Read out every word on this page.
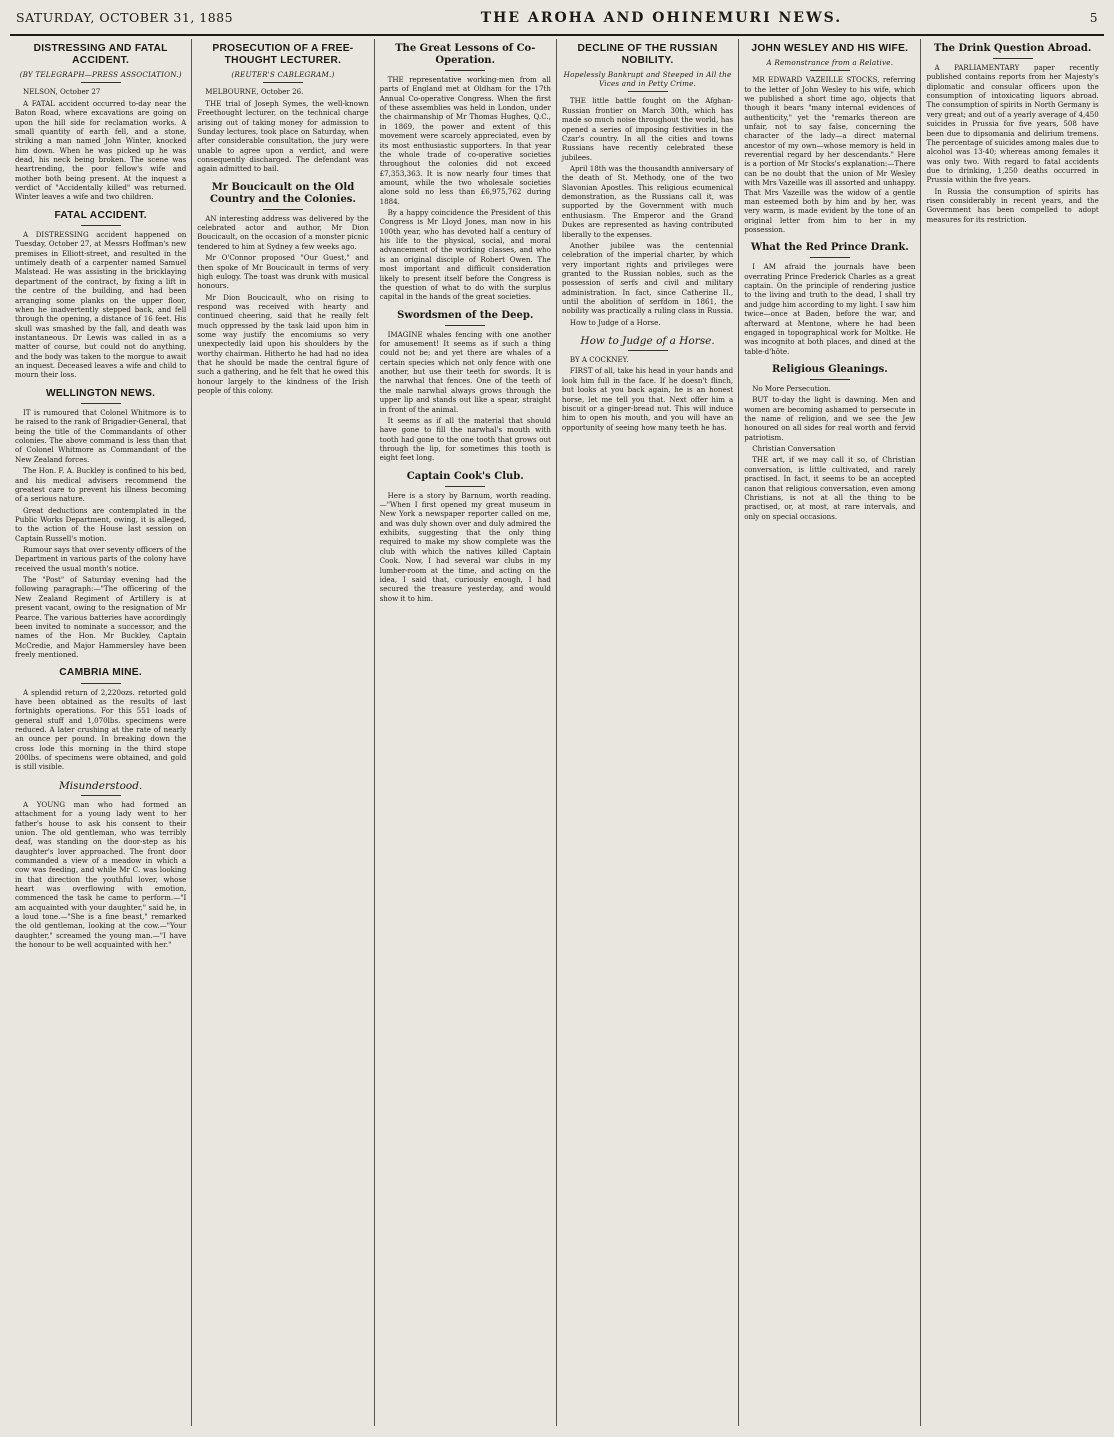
SATURDAY, OCTOBER 31, 1885	THE AROHA AND OHINEMURI NEWS.	5
DISTRESSING AND FATAL ACCIDENT.
(BY TELEGRAPH—PRESS ASSOCIATION.)

NELSON, October 27

A FATAL accident occurred to-day near the Baton Road, where excavations are going on upon the hill side for reclamation works. A small quantity of earth fell, and a stone, striking a man named John Winter, knocked him down. When he was picked up he was dead, his neck being broken. The scene was heartrending, the poor fellow's wife and mother both being present. At the inquest a verdict of "Accidentally killed" was returned. Winter leaves a wife and two children.

FATAL ACCIDENT.

A DISTRESSING accident happened on Tuesday, October 27, at Messrs Hoffman's new premises in Elliott-street, and resulted in the untimely death of a carpenter named Samuel Malstead. He was assisting in the bricklaying department of the contract, by fixing a lift in the centre of the building, and had been arranging some planks on the upper floor, when he inadvertently stepped back, and fell through the opening, a distance of 16 feet. His skull was smashed by the fall, and death was instantaneous. Dr Lewis was called in as a matter of course, but could not do anything, and the body was taken to the morgue to await an inquest. Deceased leaves a wife and child to mourn their loss.

WELLINGTON NEWS.

IT is rumoured that Colonel Whitmore is to be raised to the rank of Brigadier-General, that being the title of the Commandants of other colonies. The above command is less than that of Colonel Whitmore as Commandant of the New Zealand forces.

The Hon. F. A. Buckley is confined to his bed, and his medical advisers recommend the greatest care to prevent his illness becoming of a serious nature.

Great deductions are contemplated in the Public Works Department, owing, it is alleged, to the action of the House last session on Captain Russell's motion.

Rumour says that over seventy officers of the Department in various parts of the colony have received the usual month's notice.

The "Post" of Saturday evening had the following paragraph:—"The officering of the New Zealand Regiment of Artillery is at present vacant, owing to the resignation of Mr Pearce. The various batteries have accordingly been invited to nominate a successor, and the names of the Hon. Mr Buckley, Captain McCredie, and Major Hammersley have been freely mentioned.

CAMBRIA MINE.

A splendid return of 2,220ozs. retorted gold have been obtained as the results of last fortnights operations. For this 551 loads of general stuff and 1,070lbs. specimens were reduced. A later crushing at the rate of nearly an ounce per pound. In breaking down the cross lode this morning in the third stope 200lbs. of specimens were obtained, and gold is still visible.

Misunderstood.

A YOUNG man who had formed an attachment for a young lady went to her father's house to ask his consent to their union. The old gentleman, who was terribly deaf, was standing on the door-step as his daughter's lover approached. The front door commanded a view of a meadow in which a cow was feeding, and while Mr C. was looking in that direction the youthful lover, whose heart was overflowing with emotion, commenced the task he came to perform.—"I am acquainted with your daughter," said he, in a loud tone.—"She is a fine beast," remarked the old gentleman, looking at the cow.—"Your daughter," screamed the young man.—"I have the honour to be well acquainted with her."

PROSECUTION OF A FREE-THOUGHT LECTURER.
(REUTER'S CABLEGRAM.)

MELBOURNE, October 26.

THE trial of Joseph Symes, the well-known Freethought lecturer, on the technical charge arising out of taking money for admission to Sunday lectures, took place on Saturday, when after considerable consultation, the jury were unable to agree upon a verdict, and were consequently discharged. The defendant was again admitted to bail.

Mr Boucicault on the Old Country and the Colonies.

AN interesting address was delivered by the celebrated actor and author, Mr Dion Boucicault, on the occasion of a monster picnic tendered to him at Sydney a few weeks ago.

Mr O'Connor proposed "Our Guest," and then spoke of Mr Boucicault in terms of very high eulogy. The toast was drunk with musical honours.

Mr Dion Boucicault, who on rising to respond was received with hearty and continued cheering, said that he really felt much oppressed by the task laid upon him in some way justify the encomiums so very unexpectedly laid upon his shoulders by the worthy chairman. Hitherto he had had no idea that he should be made the central figure of such a gathering, and he felt that he owed this honour largely to the kindness of the Irish people of this colony.

The Great Lessons of Co-Operation.

THE representative working-men from all parts of England met at Oldham for the 17th Annual Co-operative Congress. When the first of these assemblies was held in London, under the chairmanship of Mr Thomas Hughes, Q.C., in 1869, the power and extent of this movement were scarcely appreciated, even by its most enthusiastic supporters. In that year the whole trade of co-operative societies throughout the colonies did not exceed £7,353,363. It is now nearly four times that amount, while the two wholesale societies alone sold no less than £6,975,762 during 1884.

By a happy coincidence the President of this Congress is Mr Lloyd Jones, man now in his 100th year, who has devoted half a century of his life to the physical, social, and moral advancement of the working classes, and who is an original disciple of Robert Owen. The most important and difficult consideration likely to present itself before the Congress is the question of what to do with the surplus capital in the hands of the great societies.

Swordsmen of the Deep.

IMAGINE whales fencing with one another for amusement! It seems as if such a thing could not be; and yet there are whales of a certain species which not only fence with one another, but use their teeth for swords. It is the narwhal that fences. One of the teeth of the male narwhal always grows through the upper lip and stands out like a spear, straight in front of the animal.

It seems as if all the material that should have gone to fill the narwhal's mouth with tooth had gone to the one tooth that grows out through the lip, for sometimes this tooth is eight feet long.

Captain Cook's Club.

Here is a story by Barnum, worth reading.—"When I first opened my great museum in New York a newspaper reporter called on me, and was duly shown over and duly admired the exhibits, suggesting that the only thing required to make my show complete was the club with which the natives killed Captain Cook. Now, I had several war clubs in my lumber-room at the time, and acting on the idea, I said that, curiously enough, I had secured the treasure yesterday, and would show it to him.

DECLINE OF THE RUSSIAN NOBILITY.
Hopelessly Bankrupt and Steeped in All the Vices and in Petty Crime.

THE little battle fought on the Afghan-Russian frontier on March 30th, which has made so much noise throughout the world, has opened a series of imposing festivities in the Czar's country. In all the cities and towns Russians have recently celebrated these jubilees.

April 18th was the thousandth anniversary of the death of St. Methody, one of the two Slavonian Apostles. This religious ecumenical demonstration, as the Russians call it, was supported by the Government with much enthusiasm. The Emperor and the Grand Dukes are represented as having contributed liberally to the expenses.

Another jubilee was the centennial celebration of the imperial charter, by which very important rights and privileges were granted to the Russian nobles, such as the possession of serfs and civil and military administration. In fact, since Catherine II., until the abolition of serfdom in 1861, the nobility was practically a ruling class in Russia.

How to Judge of a Horse.

How to Judge of a Horse.

BY A COCKNEY.

FIRST of all, take his head in your hands and look him full in the face. If he doesn't flinch, but looks at you back again, he is an honest horse, let me tell you that. Next offer him a biscuit or a ginger-bread nut. This will induce him to open his mouth, and you will have an opportunity of seeing how many teeth he has.

JOHN WESLEY AND HIS WIFE.
A Remonstrance from a Relative.

MR EDWARD VAZEILLE STOCKS, referring to the letter of John Wesley to his wife, which we published a short time ago, objects that though it bears "many internal evidences of authenticity," yet the "remarks thereon are unfair, not to say false, concerning the character of the lady—a direct maternal ancestor of my own—whose memory is held in reverential regard by her descendants." Here is a portion of Mr Stocks's explanation:—There can be no doubt that the union of Mr Wesley with Mrs Vazeille was ill assorted and unhappy. That Mrs Vazeille was the widow of a gentle man esteemed both by him and by her, was very warm, is made evident by the tone of an original letter from him to her in my possession.

What the Red Prince Drank.

I AM afraid the journals have been overrating Prince Frederick Charles as a great captain. On the principle of rendering justice to the living and truth to the dead, I shall try and judge him according to my light. I saw him twice—once at Baden, before the war, and afterward at Mentone, where he had been engaged in topographical work for Moltke. He was incognito at both places, and dined at the table-d'hôte.

Religious Gleanings.

No More Persecution.

BUT to-day the light is dawning. Men and women are becoming ashamed to persecute in the name of religion, and we see the Jew honoured on all sides for real worth and fervid patriotism.

Christian Conversation

THE art, if we may call it so, of Christian conversation, is little cultivated, and rarely practised. In fact, it seems to be an accepted canon that religious conversation, even among Christians, is not at all the thing to be practised, or, at most, at rare intervals, and only on special occasions.

The Drink Question Abroad.

A PARLIAMENTARY paper recently published contains reports from her Majesty's diplomatic and consular officers upon the consumption of intoxicating liquors abroad. The consumption of spirits in North Germany is very great; and out of a yearly average of 4,450 suicides in Prussia for five years, 508 have been due to dipsomania and delirium tremens. The percentage of suicides among males due to alcohol was 13·40; whereas among females it was only two. With regard to fatal accidents due to drinking, 1,250 deaths occurred in Prussia within the five years.

In Russia the consumption of spirits has risen considerably in recent years, and the Government has been compelled to adopt measures for its restriction.
